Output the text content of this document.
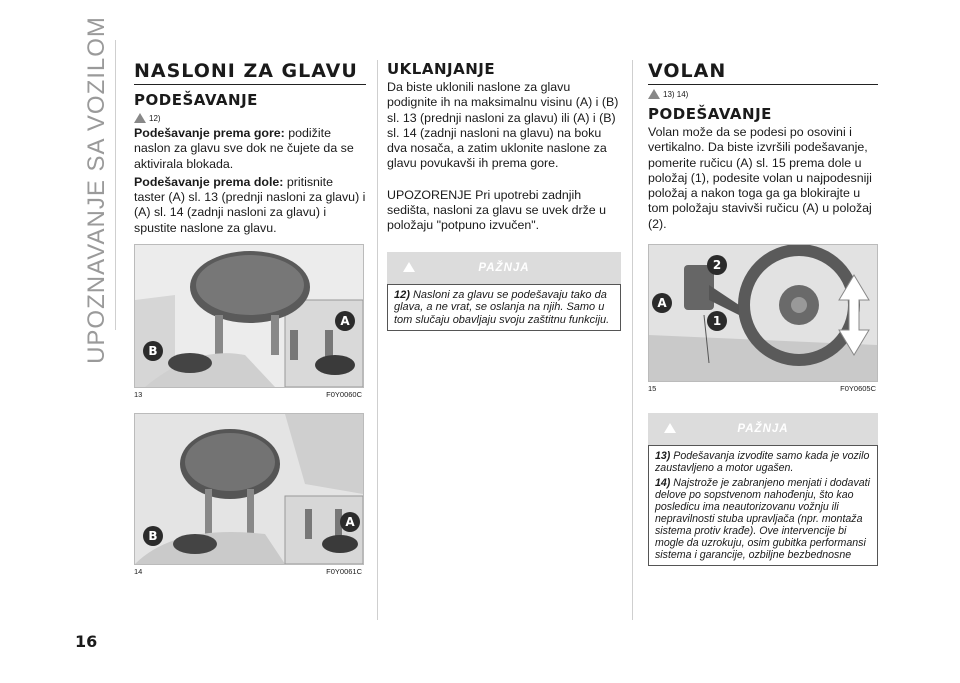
UPOZNAVANJE SA VOZILOM NASLONI ZA GLAVU
PODEŠAVANJE
12)

Podešavanje prema gore: podižite naslon za glavu sve dok ne čujete da se aktivirala blokada.

Podešavanje prema dole: pritisnite taster (A) sl. 13 (prednji nasloni za glavu) i (A) sl. 14 (zadnji nasloni za glavu) i spustite naslone za glavu.

B
A
13	F0Y0060C
B
A
14	F0Y0061C
UKLANJANJE

Da biste uklonili naslone za glavu podignite ih na maksimalnu visinu (A) i (B) sl. 13 (prednji nasloni za glavu) ili (A) i (B) sl. 14 (zadnji nasloni na glavu) na boku dva nosača, a zatim uklonite naslone za glavu povukavši ih prema gore.

UPOZORENJE Pri upotrebi zadnjih sedišta, nasloni za glavu se uvek drže u položaju "potpuno izvučen".

PAŽNJA
12) Nasloni za glavu se podešavaju tako da glava, a ne vrat, se oslanja na njih. Samo u tom slučaju obavljaju svoju zaštitnu funkciju.
VOLAN
13) 14)
PODEŠAVANJE

Volan može da se podesi po osovini i vertikalno. Da biste izvršili podešavanje, pomerite ručicu (A) sl. 15 prema dole u položaj (1), podesite volan u najpodesniji položaj a nakon toga ga ga blokirajte u tom položaju stavivši ručicu (A) u položaj (2).

A
2
1
15	F0Y0605C
PAŽNJA
13) Podešavanja izvodite samo kada je vozilo zaustavljeno a motor ugašen.
14) Najstrože je zabranjeno menjati i dodavati delove po sopstvenom nahođenju, što kao posledicu ima neautorizovanu vožnju ili nepravilnosti stuba upravljača (npr. montaža sistema protiv krađe). Ove intervencije bi mogle da uzrokuju, osim gubitka performansi sistema i garancije, ozbiljne bezbednosne
16
